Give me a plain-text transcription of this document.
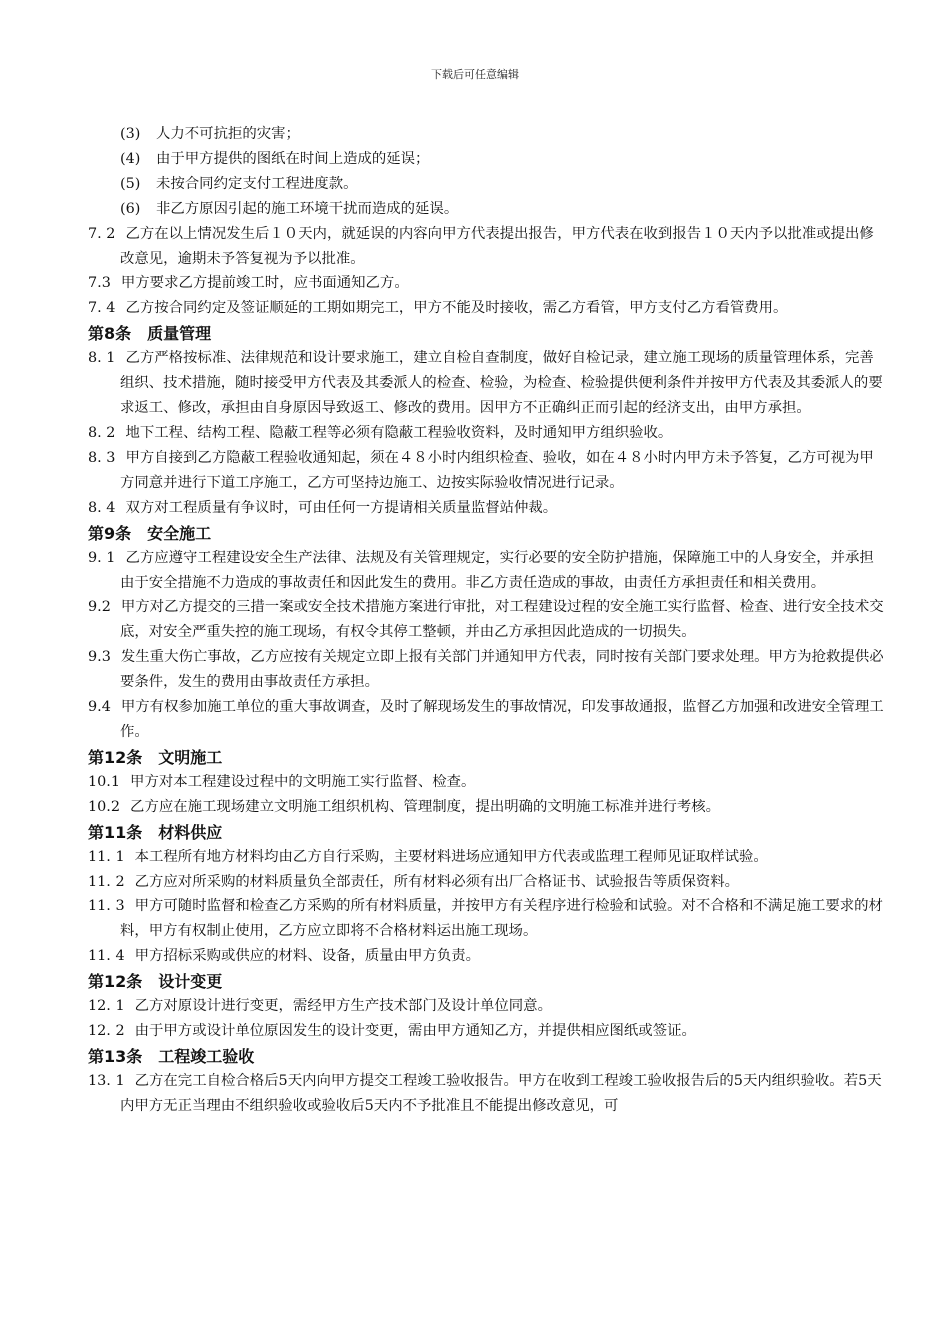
下载后可任意编辑
(3) 人力不可抗拒的灾害；
(4) 由于甲方提供的图纸在时间上造成的延误；
(5) 未按合同约定支付工程进度款。
(6) 非乙方原因引起的施工环境干扰而造成的延误。
7. 2 乙方在以上情况发生后１０天内，就延误的内容向甲方代表提出报告，甲方代表在收到报告１０天内予以批准或提出修改意见，逾期未予答复视为予以批准。
7.3 甲方要求乙方提前竣工时，应书面通知乙方。
7. 4 乙方按合同约定及签证顺延的工期如期完工，甲方不能及时接收，需乙方看管，甲方支付乙方看管费用。
第8条 质量管理
8. 1 乙方严格按标准、法律规范和设计要求施工，建立自检自查制度，做好自检记录，建立施工现场的质量管理体系，完善组织、技术措施，随时接受甲方代表及其委派人的检查、检验，为检查、检验提供便利条件并按甲方代表及其委派人的要求返工、修改，承担由自身原因导致返工、修改的费用。因甲方不正确纠正而引起的经济支出，由甲方承担。
8. 2 地下工程、结构工程、隐蔽工程等必须有隐蔽工程验收资料，及时通知甲方组织验收。
8. 3 甲方自接到乙方隐蔽工程验收通知起，须在４８小时内组织检查、验收，如在４８小时内甲方未予答复，乙方可视为甲方同意并进行下道工序施工，乙方可坚持边施工、边按实际验收情况进行记录。
8. 4 双方对工程质量有争议时，可由任何一方提请相关质量监督站仲裁。
第9条 安全施工
9. 1 乙方应遵守工程建设安全生产法律、法规及有关管理规定，实行必要的安全防护措施，保障施工中的人身安全，并承担由于安全措施不力造成的事故责任和因此发生的费用。非乙方责任造成的事故，由责任方承担责任和相关费用。
9.2 甲方对乙方提交的三措一案或安全技术措施方案进行审批，对工程建设过程的安全施工实行监督、检查、进行安全技术交底，对安全严重失控的施工现场，有权令其停工整顿，并由乙方承担因此造成的一切损失。
9.3 发生重大伤亡事故，乙方应按有关规定立即上报有关部门并通知甲方代表，同时按有关部门要求处理。甲方为抢救提供必要条件，发生的费用由事故责任方承担。
9.4 甲方有权参加施工单位的重大事故调查，及时了解现场发生的事故情况，印发事故通报，监督乙方加强和改进安全管理工作。
第12条 文明施工
10.1 甲方对本工程建设过程中的文明施工实行监督、检查。
10.2 乙方应在施工现场建立文明施工组织机构、管理制度，提出明确的文明施工标准并进行考核。
第11条 材料供应
11. 1 本工程所有地方材料均由乙方自行采购，主要材料进场应通知甲方代表或监理工程师见证取样试验。
11. 2 乙方应对所采购的材料质量负全部责任，所有材料必须有出厂合格证书、试验报告等质保资料。
11. 3 甲方可随时监督和检查乙方采购的所有材料质量，并按甲方有关程序进行检验和试验。对不合格和不满足施工要求的材料，甲方有权制止使用，乙方应立即将不合格材料运出施工现场。
11. 4 甲方招标采购或供应的材料、设备，质量由甲方负责。
第12条 设计变更
12. 1 乙方对原设计进行变更，需经甲方生产技术部门及设计单位同意。
12. 2 由于甲方或设计单位原因发生的设计变更，需由甲方通知乙方，并提供相应图纸或签证。
第13条 工程竣工验收
13. 1 乙方在完工自检合格后5天内向甲方提交工程竣工验收报告。甲方在收到工程竣工验收报告后的5天内组织验收。若5天内甲方无正当理由不组织验收或验收后5天内不予批准且不能提出修改意见，可
